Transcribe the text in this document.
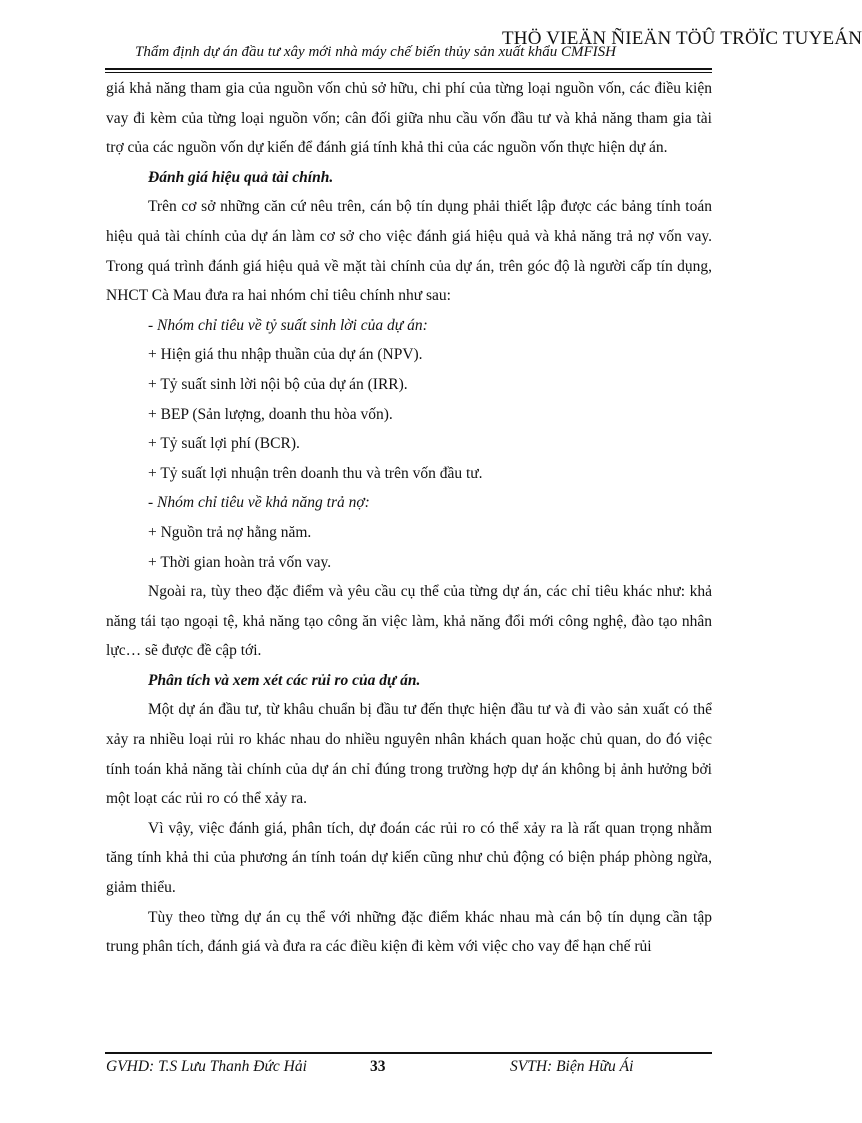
THÖ VIEÄN ÑIEÄN TÖÛ TRÖÏC TUYEÁN
Thẩm định dự án đầu tư xây mới nhà máy chế biến thủy sản xuất khẩu CMFISH

giá khả năng tham gia của nguồn vốn chủ sở hữu, chi phí của từng loại nguồn vốn, các điều kiện vay đi kèm của từng loại nguồn vốn; cân đối giữa nhu cầu vốn đầu tư và khả năng tham gia tài trợ của các nguồn vốn dự kiến để đánh giá tính khả thi của các nguồn vốn thực hiện dự án.

Đánh giá hiệu quả tài chính.

Trên cơ sở những căn cứ nêu trên, cán bộ tín dụng phải thiết lập được các bảng tính toán hiệu quả tài chính của dự án làm cơ sở cho việc đánh giá hiệu quả và khả năng trả nợ vốn vay. Trong quá trình đánh giá hiệu quả về mặt tài chính của dự án, trên góc độ là người cấp tín dụng, NHCT Cà Mau đưa ra hai nhóm chỉ tiêu chính như sau:

- Nhóm chỉ tiêu về tỷ suất sinh lời của dự án:

+ Hiện giá thu nhập thuần của dự án (NPV).

+ Tỷ suất sinh lời nội bộ của dự án (IRR).

+ BEP (Sản lượng, doanh thu hòa vốn).

+ Tỷ suất lợi phí (BCR).

+ Tỷ suất lợi nhuận trên doanh thu và trên vốn đầu tư.

- Nhóm chỉ tiêu về khả năng trả nợ:

+ Nguồn trả nợ hằng năm.

+ Thời gian hoàn trả vốn vay.

Ngoài ra, tùy theo đặc điểm và yêu cầu cụ thể của từng dự án, các chỉ tiêu khác như: khả năng tái tạo ngoại tệ, khả năng tạo công ăn việc làm, khả năng đổi mới công nghệ, đào tạo nhân lực… sẽ được đề cập tới.

Phân tích và xem xét các rủi ro của dự án.

Một dự án đầu tư, từ khâu chuẩn bị đầu tư đến thực hiện đầu tư và đi vào sản xuất có thể xảy ra nhiều loại rủi ro khác nhau do nhiều nguyên nhân khách quan hoặc chủ quan, do đó việc tính toán khả năng tài chính của dự án chỉ đúng trong trường hợp dự án không bị ảnh hưởng bởi một loạt các rủi ro có thể xảy ra.

Vì vậy, việc đánh giá, phân tích, dự đoán các rủi ro có thể xảy ra là rất quan trọng nhằm tăng tính khả thi của phương án tính toán dự kiến cũng như chủ động có biện pháp phòng ngừa, giảm thiểu.

Tùy theo từng dự án cụ thể với những đặc điểm khác nhau mà cán bộ tín dụng cần tập trung phân tích, đánh giá và đưa ra các điều kiện đi kèm với việc cho vay để hạn chế rủi

GVHD: T.S Lưu Thanh Đức Hải	33	SVTH: Biện Hữu Ái
